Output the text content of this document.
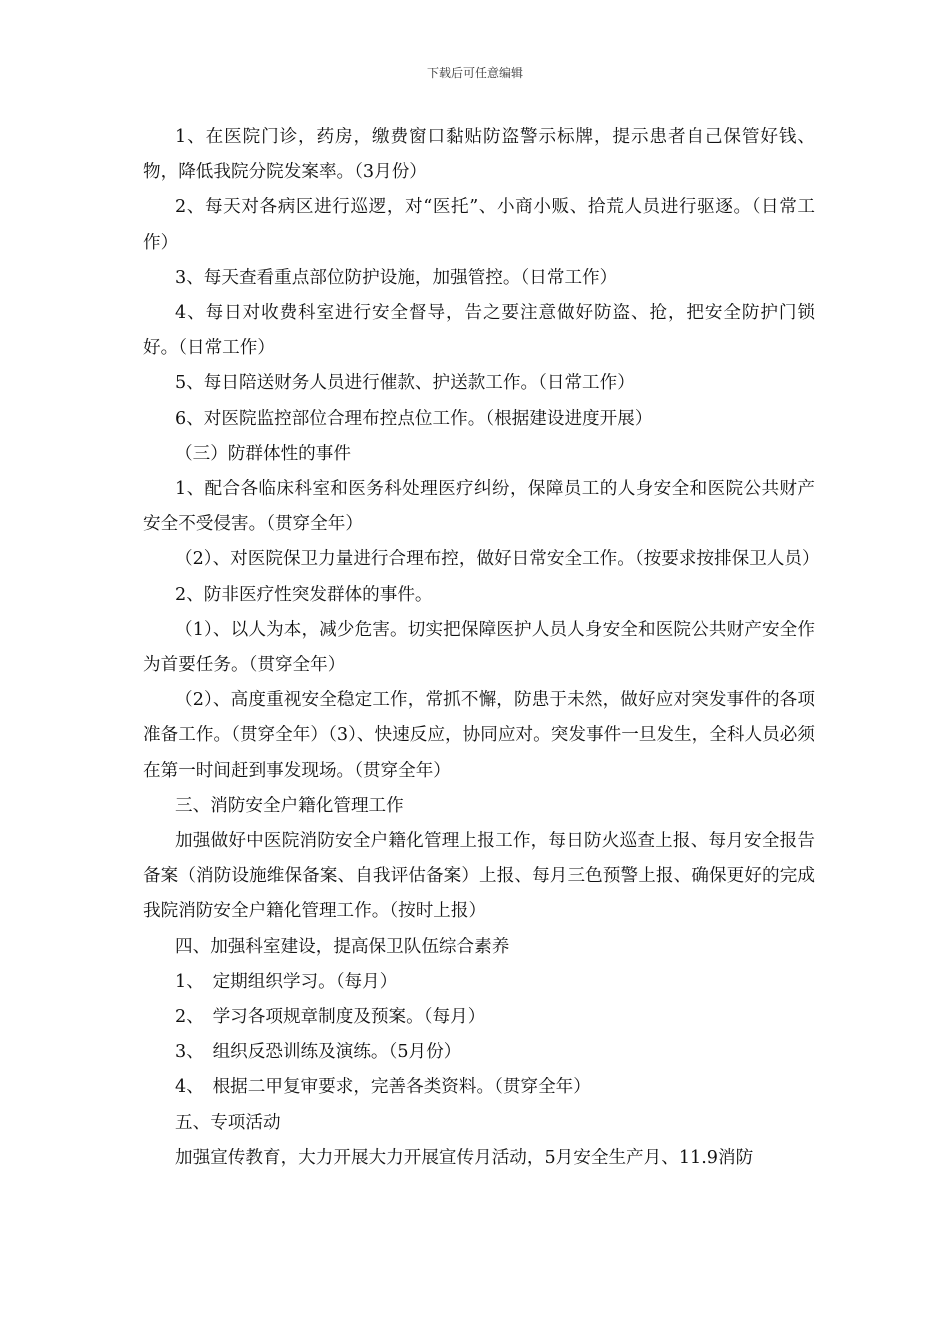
下载后可任意编辑

1、在医院门诊，药房，缴费窗口黏贴防盗警示标牌，提示患者自己保管好钱、物，降低我院分院发案率。（3月份）

2、每天对各病区进行巡逻，对“医托”、小商小贩、拾荒人员进行驱逐。（日常工作）

3、每天查看重点部位防护设施，加强管控。（日常工作）

4、每日对收费科室进行安全督导，告之要注意做好防盗、抢，把安全防护门锁好。（日常工作）

5、每日陪送财务人员进行催款、护送款工作。（日常工作）

6、对医院监控部位合理布控点位工作。（根据建设进度开展）

（三）防群体性的事件

1、配合各临床科室和医务科处理医疗纠纷，保障员工的人身安全和医院公共财产安全不受侵害。（贯穿全年）

（2）、对医院保卫力量进行合理布控，做好日常安全工作。（按要求按排保卫人员）

2、防非医疗性突发群体的事件。

（1）、以人为本，减少危害。切实把保障医护人员人身安全和医院公共财产安全作为首要任务。（贯穿全年）

（2）、高度重视安全稳定工作，常抓不懈，防患于未然，做好应对突发事件的各项准备工作。（贯穿全年）（3）、快速反应，协同应对。突发事件一旦发生，全科人员必须在第一时间赶到事发现场。（贯穿全年）

三、消防安全户籍化管理工作

加强做好中医院消防安全户籍化管理上报工作，每日防火巡查上报、每月安全报告备案（消防设施维保备案、自我评估备案）上报、每月三色预警上报、确保更好的完成我院消防安全户籍化管理工作。（按时上报）

四、加强科室建设，提高保卫队伍综合素养

1、　定期组织学习。（每月）

2、　学习各项规章制度及预案。（每月）

3、　组织反恐训练及演练。（5月份）

4、　根据二甲复审要求，完善各类资料。（贯穿全年）

五、专项活动

加强宣传教育，大力开展大力开展宣传月活动，5月安全生产月、11.9消防
